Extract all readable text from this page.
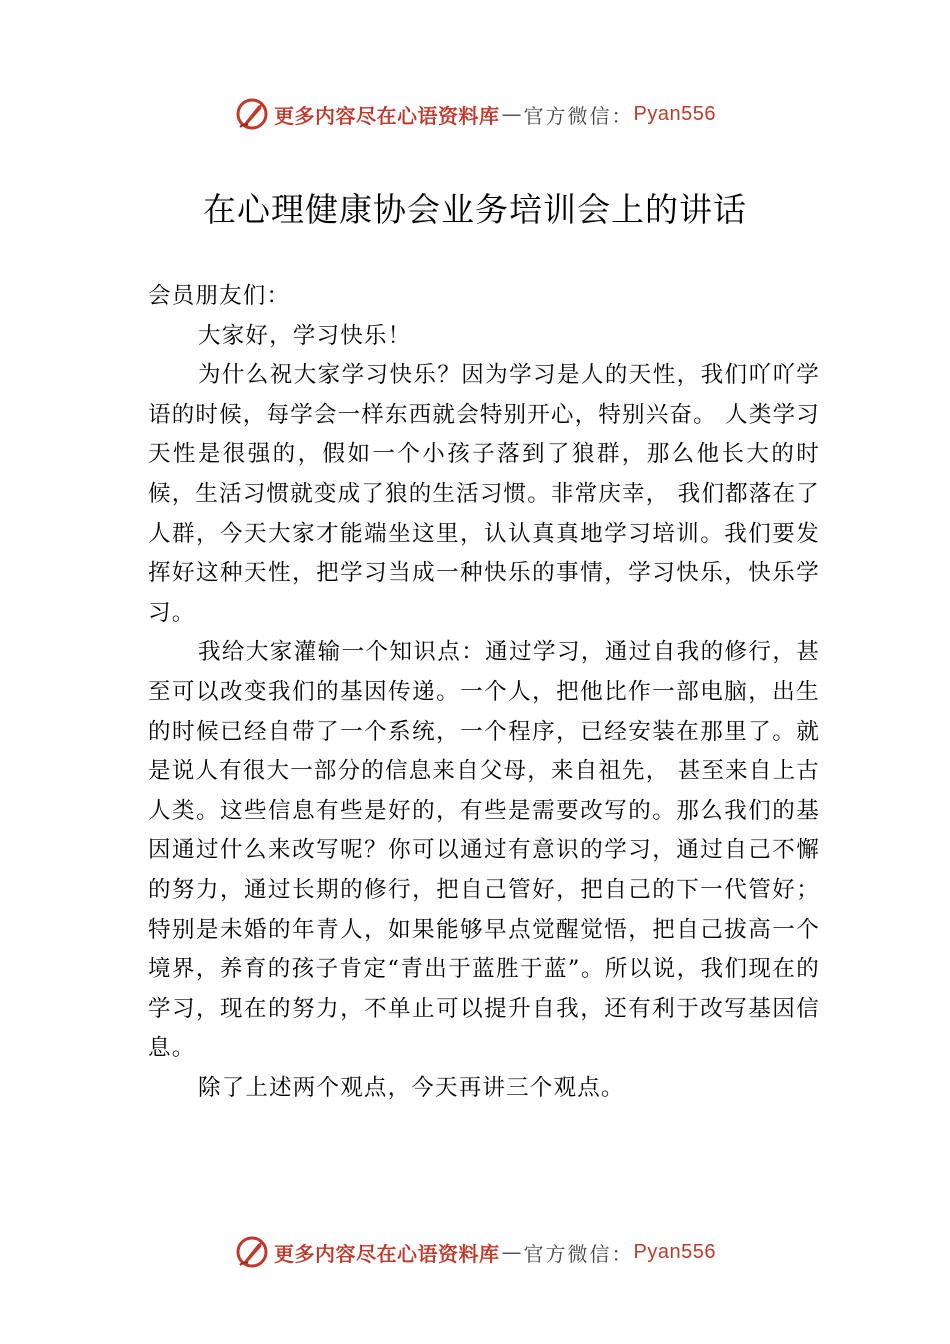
更多内容尽在心语资料库 — 官方微信： Pyan556
在心理健康协会业务培训会上的讲话

会员朋友们：

大家好，学习快乐！

为什么祝大家学习快乐？因为学习是人的天性，我们吖吖学语的时候，每学会一样东西就会特别开心，特别兴奋。 人类学习天性是很强的，假如一个小孩子落到了狼群，那么他长大的时候，生活习惯就变成了狼的生活习惯。非常庆幸， 我们都落在了人群，今天大家才能端坐这里，认认真真地学习培训。我们要发挥好这种天性，把学习当成一种快乐的事情，学习快乐，快乐学习。

我给大家灌输一个知识点：通过学习，通过自我的修行，甚至可以改变我们的基因传递。一个人，把他比作一部电脑，出生的时候已经自带了一个系统，一个程序，已经安装在那里了。就是说人有很大一部分的信息来自父母，来自祖先， 甚至来自上古人类。这些信息有些是好的，有些是需要改写的。那么我们的基因通过什么来改写呢？你可以通过有意识的学习，通过自己不懈的努力，通过长期的修行，把自己管好，把自己的下一代管好；特别是未婚的年青人，如果能够早点觉醒觉悟，把自己拔高一个境界，养育的孩子肯定“青出于蓝胜于蓝”。所以说，我们现在的学习，现在的努力，不单止可以提升自我，还有利于改写基因信息。

除了上述两个观点，今天再讲三个观点。

更多内容尽在心语资料库 — 官方微信： Pyan556
